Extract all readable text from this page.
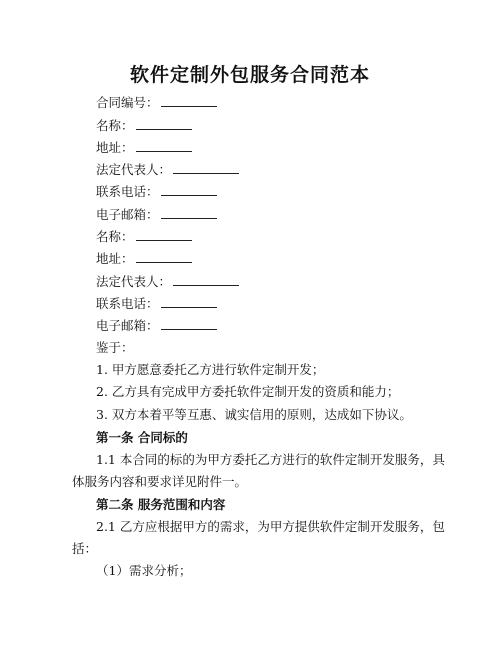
软件定制外包服务合同范本
合同编号：
名称：
地址：
法定代表人：
联系电话：
电子邮箱：
名称：
地址：
法定代表人：
联系电话：
电子邮箱：
鉴于：
1. 甲方愿意委托乙方进行软件定制开发；
2. 乙方具有完成甲方委托软件定制开发的资质和能力；
3. 双方本着平等互惠、诚实信用的原则，达成如下协议。
第一条 合同标的
1.1 本合同的标的为甲方委托乙方进行的软件定制开发服务，具
体服务内容和要求详见附件一。
第二条 服务范围和内容
2.1 乙方应根据甲方的需求，为甲方提供软件定制开发服务，包
括：
（1）需求分析；
